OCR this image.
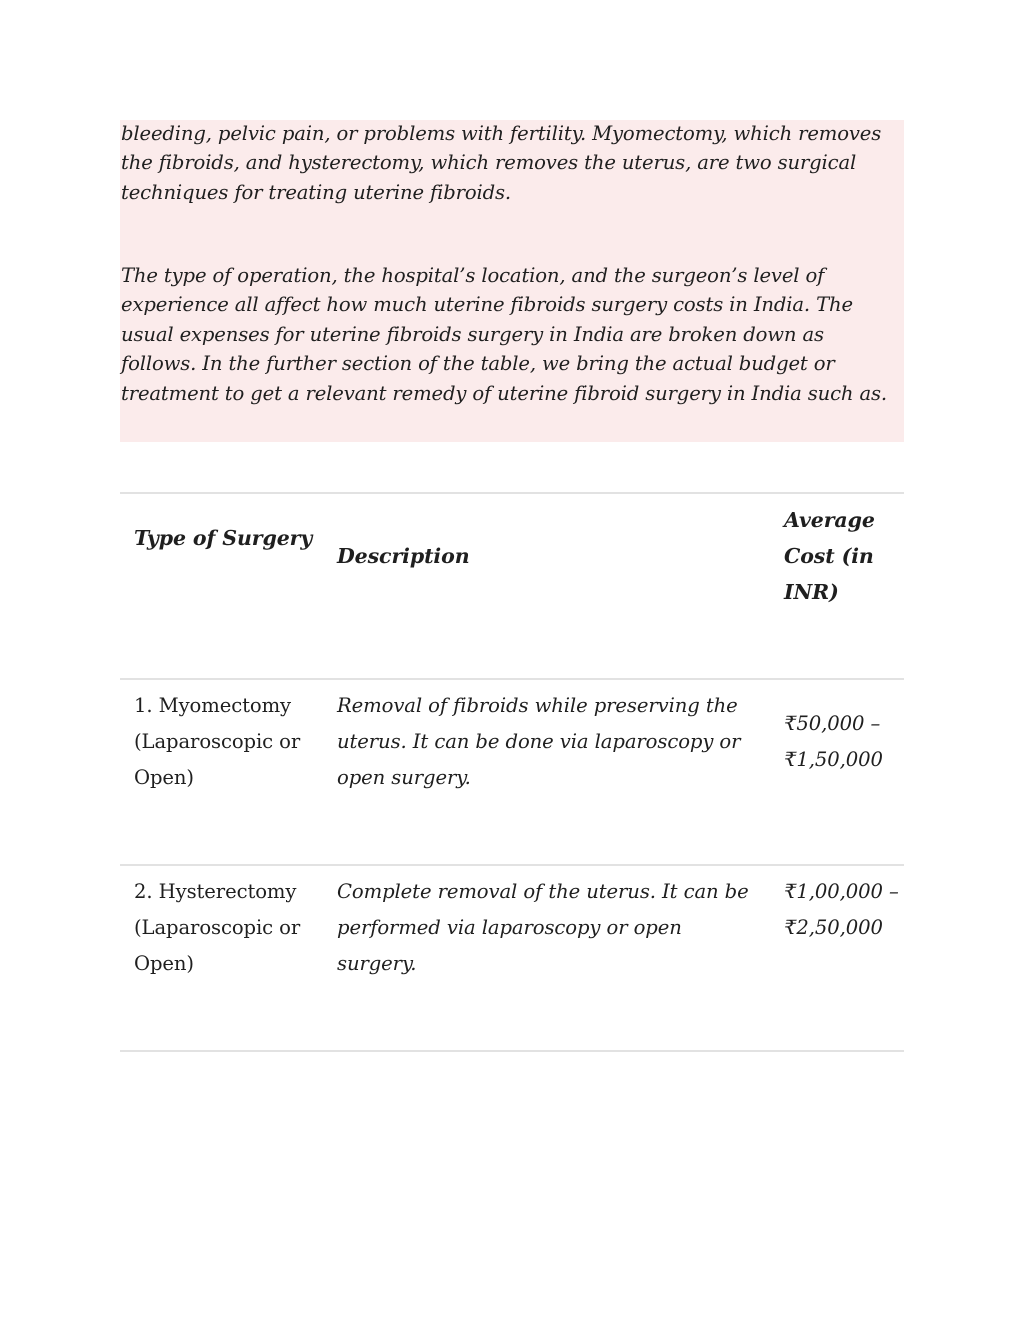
bleeding, pelvic pain, or problems with fertility. Myomectomy, which removes the fibroids, and hysterectomy, which removes the uterus, are two surgical techniques for treating uterine fibroids.

The type of operation, the hospital’s location, and the surgeon’s level of experience all affect how much uterine fibroids surgery costs in India. The usual expenses for uterine fibroids surgery in India are broken down as follows. In the further section of the table, we bring the actual budget or treatment to get a relevant remedy of uterine fibroid surgery in India such as.

Type of Surgery
Description
Average Cost (in INR)
1. Myomectomy (Laparoscopic or Open)
Removal of fibroids while preserving the uterus. It can be done via laparoscopy or open surgery.
₹50,000 – ₹1,50,000
2. Hysterectomy (Laparoscopic or Open)
Complete removal of the uterus. It can be performed via laparoscopy or open surgery.
₹1,00,000 – ₹2,50,000
